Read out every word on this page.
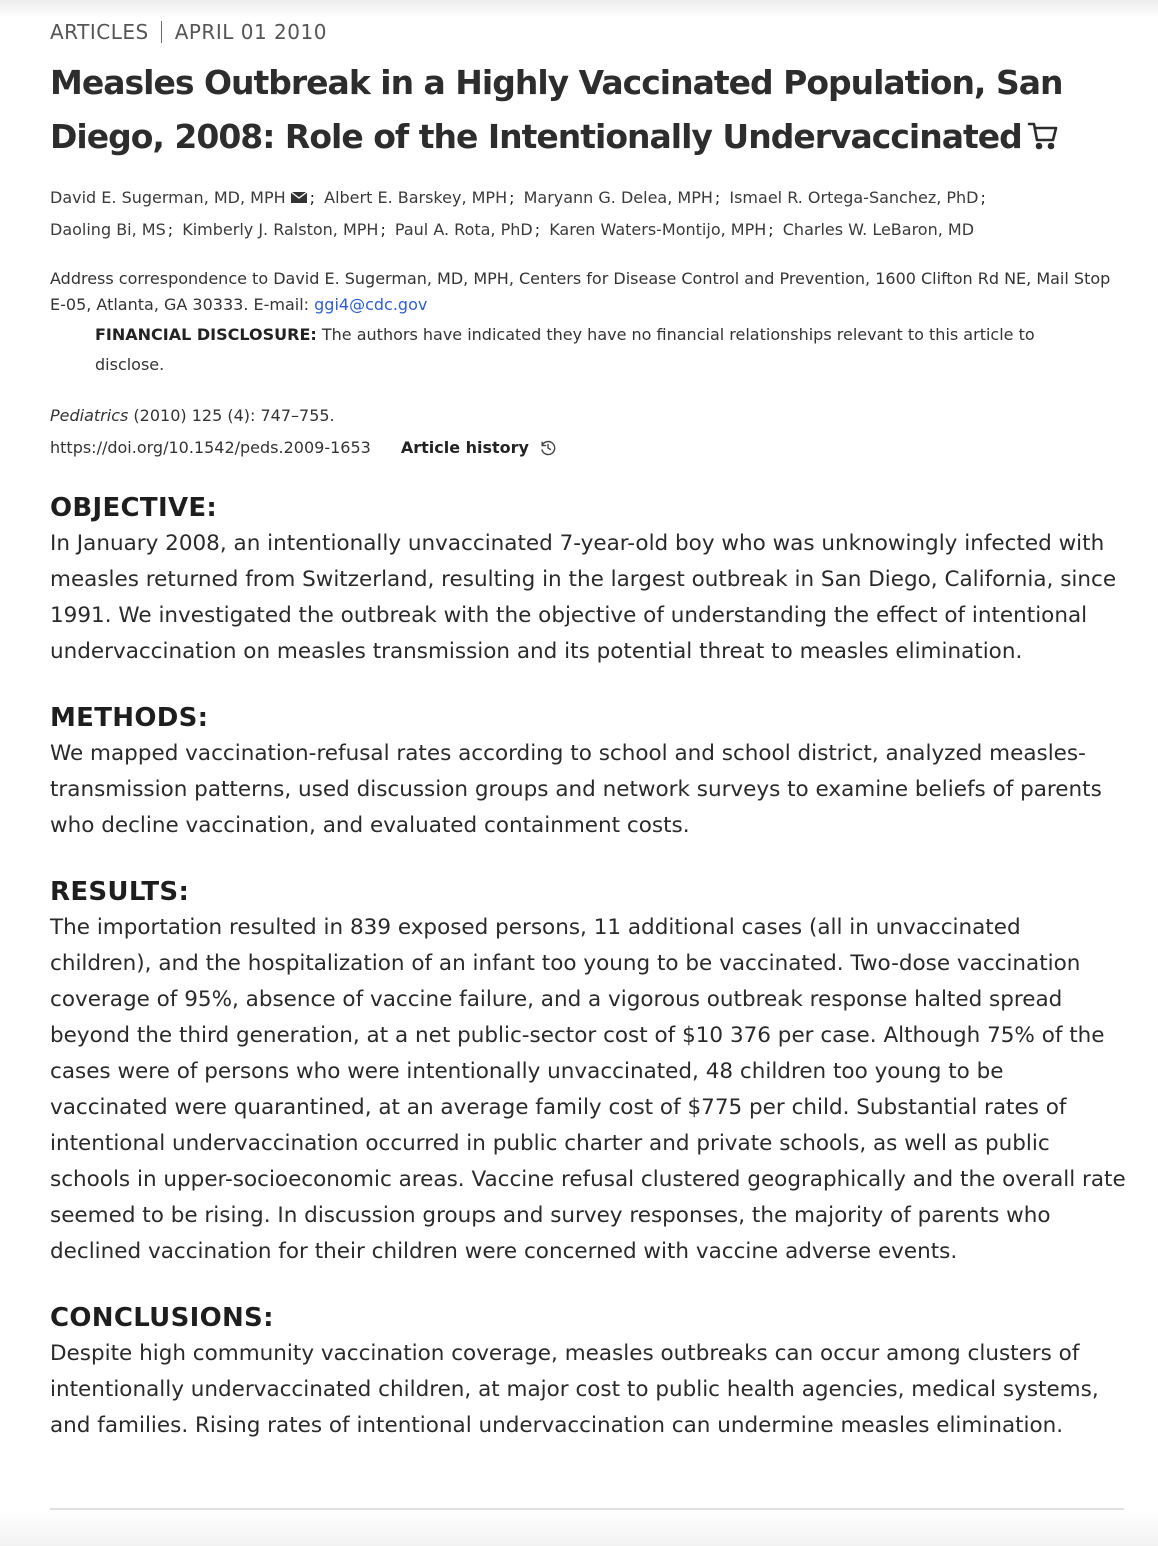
ARTICLES APRIL 01 2010
Measles Outbreak in a Highly Vaccinated Population, San Diego, 2008: Role of the Intentionally Undervaccinated
David E. Sugerman, MD, MPH ; Albert E. Barskey, MPH ; Maryann G. Delea, MPH ; Ismael R. Ortega-Sanchez, PhD ;
Daoling Bi, MS ; Kimberly J. Ralston, MPH ; Paul A. Rota, PhD ; Karen Waters-Montijo, MPH ; Charles W. LeBaron, MD
Address correspondence to David E. Sugerman, MD, MPH, Centers for Disease Control and Prevention, 1600 Clifton Rd NE, Mail Stop E-05, Atlanta, GA 30333. E-mail: ggi4@cdc.gov
FINANCIAL DISCLOSURE: The authors have indicated they have no financial relationships relevant to this article to disclose.
Pediatrics (2010) 125 (4): 747–755.
https://doi.org/10.1542/peds.2009-1653 Article history
OBJECTIVE:
In January 2008, an intentionally unvaccinated 7-year-old boy who was unknowingly infected with measles returned from Switzerland, resulting in the largest outbreak in San Diego, California, since 1991. We investigated the outbreak with the objective of understanding the effect of intentional undervaccination on measles transmission and its potential threat to measles elimination.
METHODS:
We mapped vaccination-refusal rates according to school and school district, analyzed measles-transmission patterns, used discussion groups and network surveys to examine beliefs of parents who decline vaccination, and evaluated containment costs.
RESULTS:
The importation resulted in 839 exposed persons, 11 additional cases (all in unvaccinated children), and the hospitalization of an infant too young to be vaccinated. Two-dose vaccination coverage of 95%, absence of vaccine failure, and a vigorous outbreak response halted spread beyond the third generation, at a net public-sector cost of $10 376 per case. Although 75% of the cases were of persons who were intentionally unvaccinated, 48 children too young to be vaccinated were quarantined, at an average family cost of $775 per child. Substantial rates of intentional undervaccination occurred in public charter and private schools, as well as public schools in upper-socioeconomic areas. Vaccine refusal clustered geographically and the overall rate seemed to be rising. In discussion groups and survey responses, the majority of parents who declined vaccination for their children were concerned with vaccine adverse events.
CONCLUSIONS:
Despite high community vaccination coverage, measles outbreaks can occur among clusters of intentionally undervaccinated children, at major cost to public health agencies, medical systems, and families. Rising rates of intentional undervaccination can undermine measles elimination.
